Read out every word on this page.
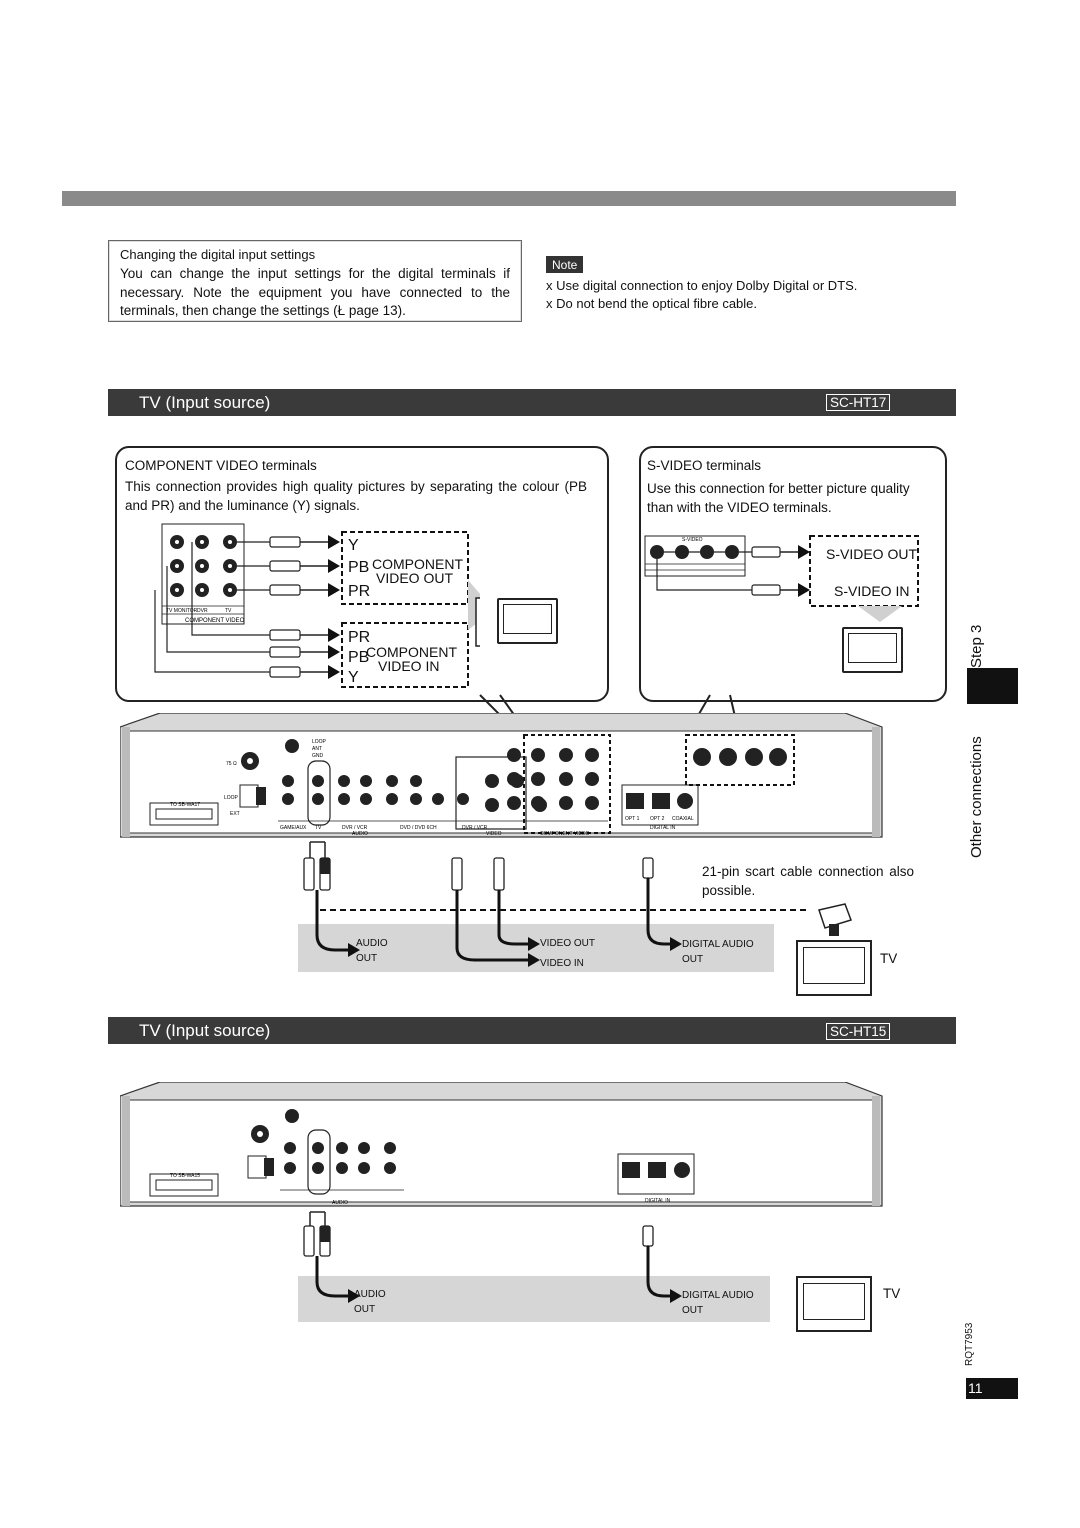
Changing the digital input settings
You can change the input settings for the digital terminals if necessary. Note the equipment you have connected to the terminals, then change the settings (Ł page 13).
Note
x Use digital connection to enjoy Dolby Digital or DTS.
x Do not bend the optical fibre cable.
TV (Input source)	SC-HT17
COMPONENT VIDEO terminals
This connection provides high quality pictures by separating the colour (PB and PR) and the luminance (Y) signals.
COMPONENT VIDEO
TV MONITOR DVR	TV
Y
PB
PR
COMPONENT
VIDEO OUT
PR
PB
Y
COMPONENT
VIDEO IN
S-VIDEO terminals
Use this connection for better picture quality than with the VIDEO terminals.
S-VIDEO
S-VIDEO OUT
S-VIDEO IN
LOOP
ANT
GND
75 Ω
LOOP
EXT
TO SB-WA17
OPT 1 OPT 2 COAXIAL
DIGITAL IN
GAME/AUX TV	DVR / VCR	DVD / DVD 6CH	DVR / VCR
AUDIO	VIDEO	COMPONENT VIDEO
AUDIO
OUT
VIDEO OUT
VIDEO IN
DIGITAL AUDIO
OUT
21-pin scart cable connection also possible.
TV
TV (Input source)	SC-HT15
TO SB-WA15
AUDIO	DIGITAL IN
AUDIO
OUT
DIGITAL AUDIO
OUT
TV
Step 3
Other connections
RQT7953
11
